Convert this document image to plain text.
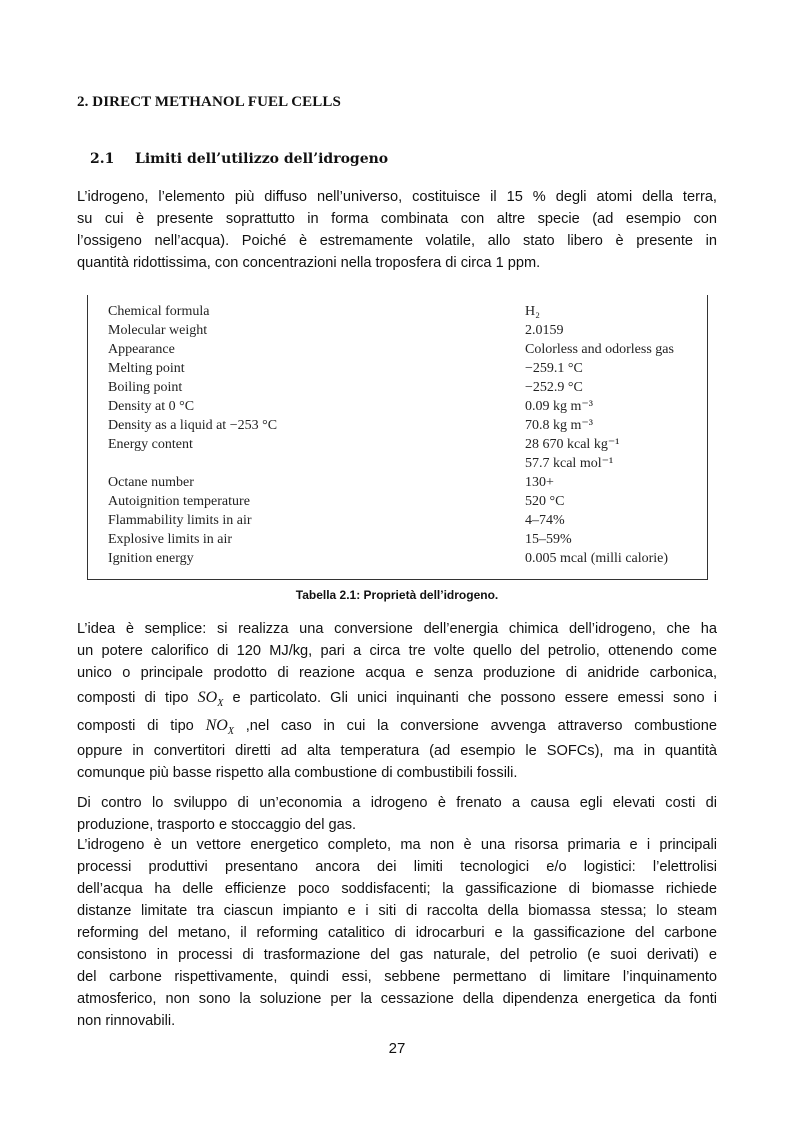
2. DIRECT METHANOL FUEL CELLS
2.1 Limiti dell’utilizzo dell’idrogeno
L’idrogeno, l’elemento più diffuso nell’universo, costituisce il 15 % degli atomi della terra,
su cui è presente soprattutto in forma combinata con altre specie (ad esempio con
l’ossigeno nell’acqua). Poiché è estremamente volatile, allo stato libero è presente in
quantità ridottissima, con concentrazioni nella troposfera di circa 1 ppm.
Chemical formula	H₂
Molecular weight	2.0159
Appearance	Colorless and odorless gas
Melting point	−259.1 °C
Boiling point	−252.9 °C
Density at 0 °C	0.09 kg m⁻³
Density as a liquid at −253 °C	70.8 kg m⁻³
Energy content	28 670 kcal kg⁻¹
57.7 kcal mol⁻¹
Octane number	130+
Autoignition temperature	520 °C
Flammability limits in air	4–74%
Explosive limits in air	15–59%
Ignition energy	0.005 mcal (milli calorie)
Tabella 2.1: Proprietà dell’idrogeno.
L’idea è semplice: si realizza una conversione dell’energia chimica dell’idrogeno, che ha
un potere calorifico di 120 MJ/kg, pari a circa tre volte quello del petrolio, ottenendo come
unico o principale prodotto di reazione acqua e senza produzione di anidride carbonica,
composti di tipo $SO_X$ e particolato. Gli unici inquinanti che possono essere emessi sono i
composti di tipo $NO_X$ ,nel caso in cui la conversione avvenga attraverso combustione
oppure in convertitori diretti ad alta temperatura (ad esempio le SOFCs), ma in quantità
comunque più basse rispetto alla combustione di combustibili fossili.
Di contro lo sviluppo di un’economia a idrogeno è frenato a causa egli elevati costi di
produzione, trasporto e stoccaggio del gas.
L’idrogeno è un vettore energetico completo, ma non è una risorsa primaria e i principali
processi produttivi presentano ancora dei limiti tecnologici e/o logistici: l’elettrolisi
dell’acqua ha delle efficienze poco soddisfacenti; la gassificazione di biomasse richiede
distanze limitate tra ciascun impianto e i siti di raccolta della biomassa stessa; lo steam
reforming del metano, il reforming catalitico di idrocarburi e la gassificazione del carbone
consistono in processi di trasformazione del gas naturale, del petrolio (e suoi derivati) e
del carbone rispettivamente, quindi essi, sebbene permettano di limitare l’inquinamento
atmosferico, non sono la soluzione per la cessazione della dipendenza energetica da fonti
non rinnovabili.
27
